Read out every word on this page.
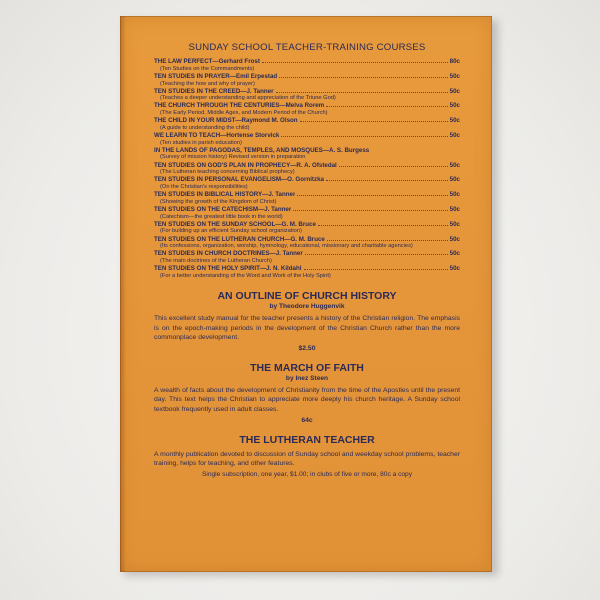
SUNDAY SCHOOL TEACHER-TRAINING COURSES
THE LAW PERFECT—Gerhard Frost	80c
(Ten Studies on the Commandments)
TEN STUDIES IN PRAYER—Emil Erpestad	50c
(Teaching the how and why of prayer)
TEN STUDIES IN THE CREED—J. Tanner	50c
(Teaches a deeper understanding and appreciation of the Triune God)
THE CHURCH THROUGH THE CENTURIES—Melva Rorem	50c
(The Early Period, Middle Ages, and Modern Period of the Church)
THE CHILD IN YOUR MIDST—Raymond M. Olson	50c
(A guide to understanding the child)
WE LEARN TO TEACH—Hortense Storvick	50c
(Ten studies in parish education)
IN THE LANDS OF PAGODAS, TEMPLES, AND MOSQUES—A. S. Burgess
(Survey of mission history) Revised version in preparation
TEN STUDIES ON GOD'S PLAN IN PROPHECY—R. A. Ofstedal	50c
(The Lutheran teaching concerning Biblical prophecy)
TEN STUDIES IN PERSONAL EVANGELISM—O. Gornitzka	50c
(On the Christian's responsibilities)
TEN STUDIES IN BIBLICAL HISTORY—J. Tanner	50c
(Showing the growth of the Kingdom of Christ)
TEN STUDIES ON THE CATECHISM—J. Tanner	50c
(Catechism—the greatest little book in the world)
TEN STUDIES ON THE SUNDAY SCHOOL—G. M. Bruce	50c
(For building up an efficient Sunday school organization)
TEN STUDIES ON THE LUTHERAN CHURCH—G. M. Bruce	50c
(Its confessions, organization, worship, hymnology, educational, missionary and charitable agencies)
TEN STUDIES IN CHURCH DOCTRINES—J. Tanner	50c
(The main doctrines of the Lutheran Church)
TEN STUDIES ON THE HOLY SPIRIT—J. N. Kildahl	50c
(For a better understanding of the Word and Work of the Holy Spirit)
AN OUTLINE OF CHURCH HISTORY
by Theodore Huggenvik
This excellent study manual for the teacher presents a history of the Christian religion. The emphasis is on the epoch-making periods in the development of the Christian Church rather than the more commonplace development.
$2.50
THE MARCH OF FAITH
by Inez Steen
A wealth of facts about the development of Christianity from the time of the Apostles until the present day. This text helps the Christian to appreciate more deeply his church heritage. A Sunday school textbook frequently used in adult classes.
64c
THE LUTHERAN TEACHER
A monthly publication devoted to discussion of Sunday school and weekday school problems, teacher training, helps for teaching, and other features.
Single subscription, one year, $1.00; in clubs of five or more, 80c a copy
